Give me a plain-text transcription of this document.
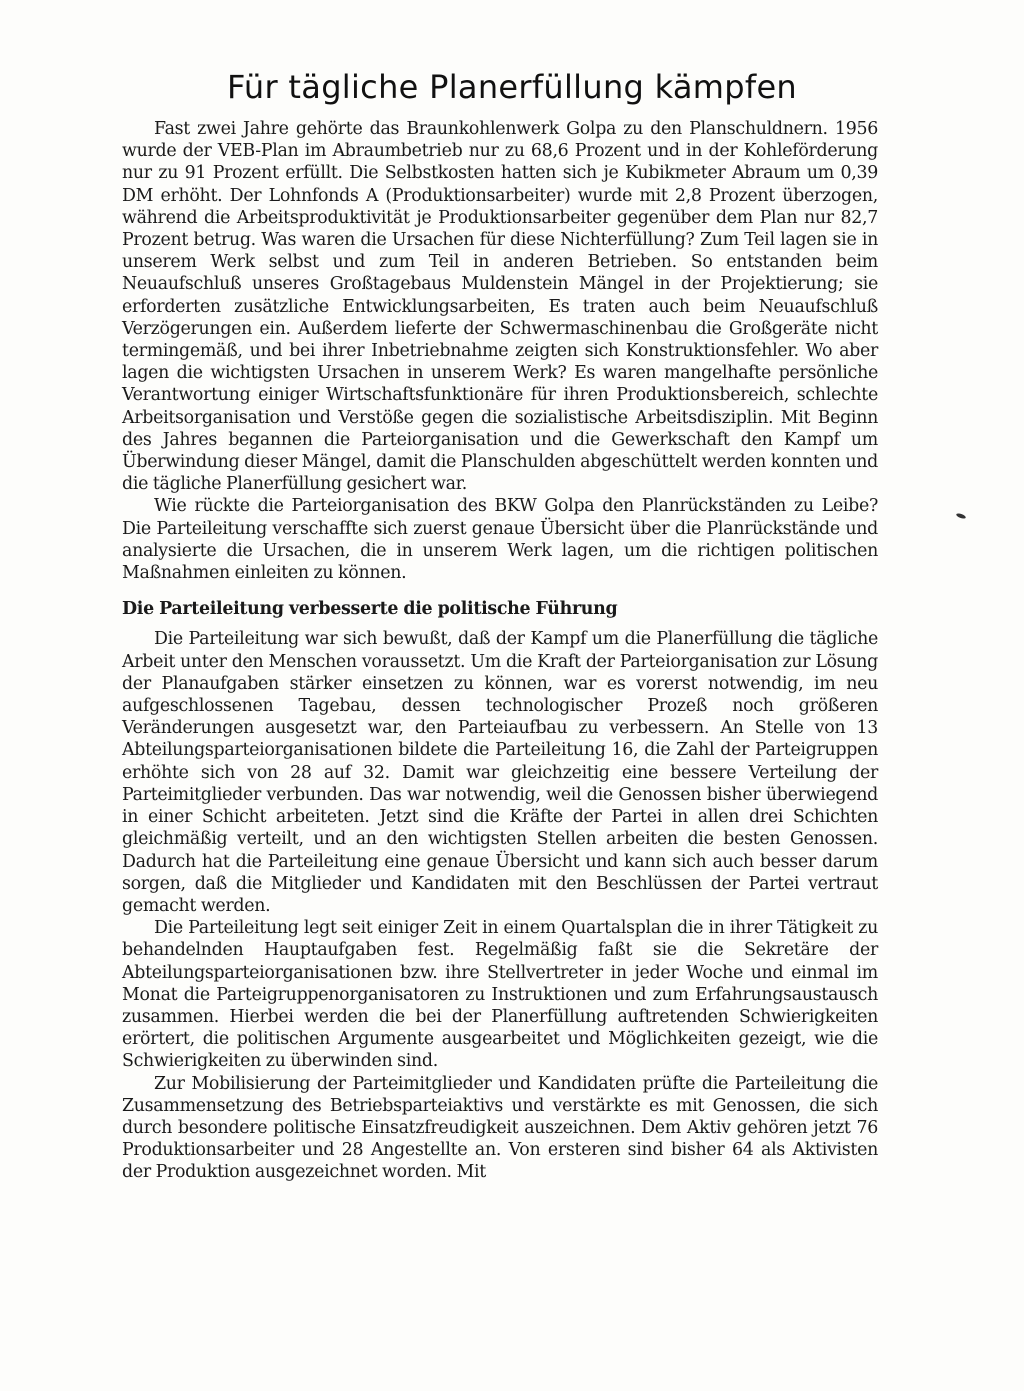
Für tägliche Planerfüllung kämpfen

Fast zwei Jahre gehörte das Braunkohlenwerk Golpa zu den Planschuldnern. 1956 wurde der VEB-Plan im Abraumbetrieb nur zu 68,6 Prozent und in der Kohleförderung nur zu 91 Prozent erfüllt. Die Selbstkosten hatten sich je Kubikmeter Abraum um 0,39 DM erhöht. Der Lohnfonds A (Produktionsarbeiter) wurde mit 2,8 Prozent überzogen, während die Arbeitsproduktivität je Produktionsarbeiter gegenüber dem Plan nur 82,7 Prozent betrug. Was waren die Ursachen für diese Nichterfüllung? Zum Teil lagen sie in unserem Werk selbst und zum Teil in anderen Betrieben. So entstanden beim Neuaufschluß unseres Großtagebaus Muldenstein Mängel in der Projektierung; sie erforderten zusätzliche Entwicklungsarbeiten, Es traten auch beim Neuaufschluß Verzögerungen ein. Außerdem lieferte der Schwermaschinenbau die Großgeräte nicht termingemäß, und bei ihrer Inbetriebnahme zeigten sich Konstruktionsfehler. Wo aber lagen die wichtigsten Ursachen in unserem Werk? Es waren mangelhafte persönliche Verantwortung einiger Wirtschaftsfunktionäre für ihren Produktionsbereich, schlechte Arbeitsorganisation und Verstöße gegen die sozialistische Arbeitsdisziplin. Mit Beginn des Jahres begannen die Parteiorganisation und die Gewerkschaft den Kampf um Überwindung dieser Mängel, damit die Planschulden abgeschüttelt werden konnten und die tägliche Planerfüllung gesichert war.

Wie rückte die Parteiorganisation des BKW Golpa den Planrückständen zu Leibe? Die Parteileitung verschaffte sich zuerst genaue Übersicht über die Planrückstände und analysierte die Ursachen, die in unserem Werk lagen, um die richtigen politischen Maßnahmen einleiten zu können.

Die Parteileitung verbesserte die politische Führung

Die Parteileitung war sich bewußt, daß der Kampf um die Planerfüllung die tägliche Arbeit unter den Menschen voraussetzt. Um die Kraft der Parteiorganisation zur Lösung der Planaufgaben stärker einsetzen zu können, war es vorerst notwendig, im neu aufgeschlossenen Tagebau, dessen technologischer Prozeß noch größeren Veränderungen ausgesetzt war, den Parteiaufbau zu verbessern. An Stelle von 13 Abteilungsparteiorganisationen bildete die Parteileitung 16, die Zahl der Parteigruppen erhöhte sich von 28 auf 32. Damit war gleichzeitig eine bessere Verteilung der Parteimitglieder verbunden. Das war notwendig, weil die Genossen bisher überwiegend in einer Schicht arbeiteten. Jetzt sind die Kräfte der Partei in allen drei Schichten gleichmäßig verteilt, und an den wichtigsten Stellen arbeiten die besten Genossen. Dadurch hat die Parteileitung eine genaue Übersicht und kann sich auch besser darum sorgen, daß die Mitglieder und Kandidaten mit den Beschlüssen der Partei vertraut gemacht werden.

Die Parteileitung legt seit einiger Zeit in einem Quartalsplan die in ihrer Tätigkeit zu behandelnden Hauptaufgaben fest. Regelmäßig faßt sie die Sekretäre der Abteilungsparteiorganisationen bzw. ihre Stellvertreter in jeder Woche und einmal im Monat die Parteigruppenorganisatoren zu Instruktionen und zum Erfahrungsaustausch zusammen. Hierbei werden die bei der Planerfüllung auftretenden Schwierigkeiten erörtert, die politischen Argumente ausgearbeitet und Möglichkeiten gezeigt, wie die Schwierigkeiten zu überwinden sind.

Zur Mobilisierung der Parteimitglieder und Kandidaten prüfte die Parteileitung die Zusammensetzung des Betriebsparteiaktivs und verstärkte es mit Genossen, die sich durch besondere politische Einsatzfreudigkeit auszeichnen. Dem Aktiv gehören jetzt 76 Produktionsarbeiter und 28 Angestellte an. Von ersteren sind bisher 64 als Aktivisten der Produktion ausgezeichnet worden. Mit
